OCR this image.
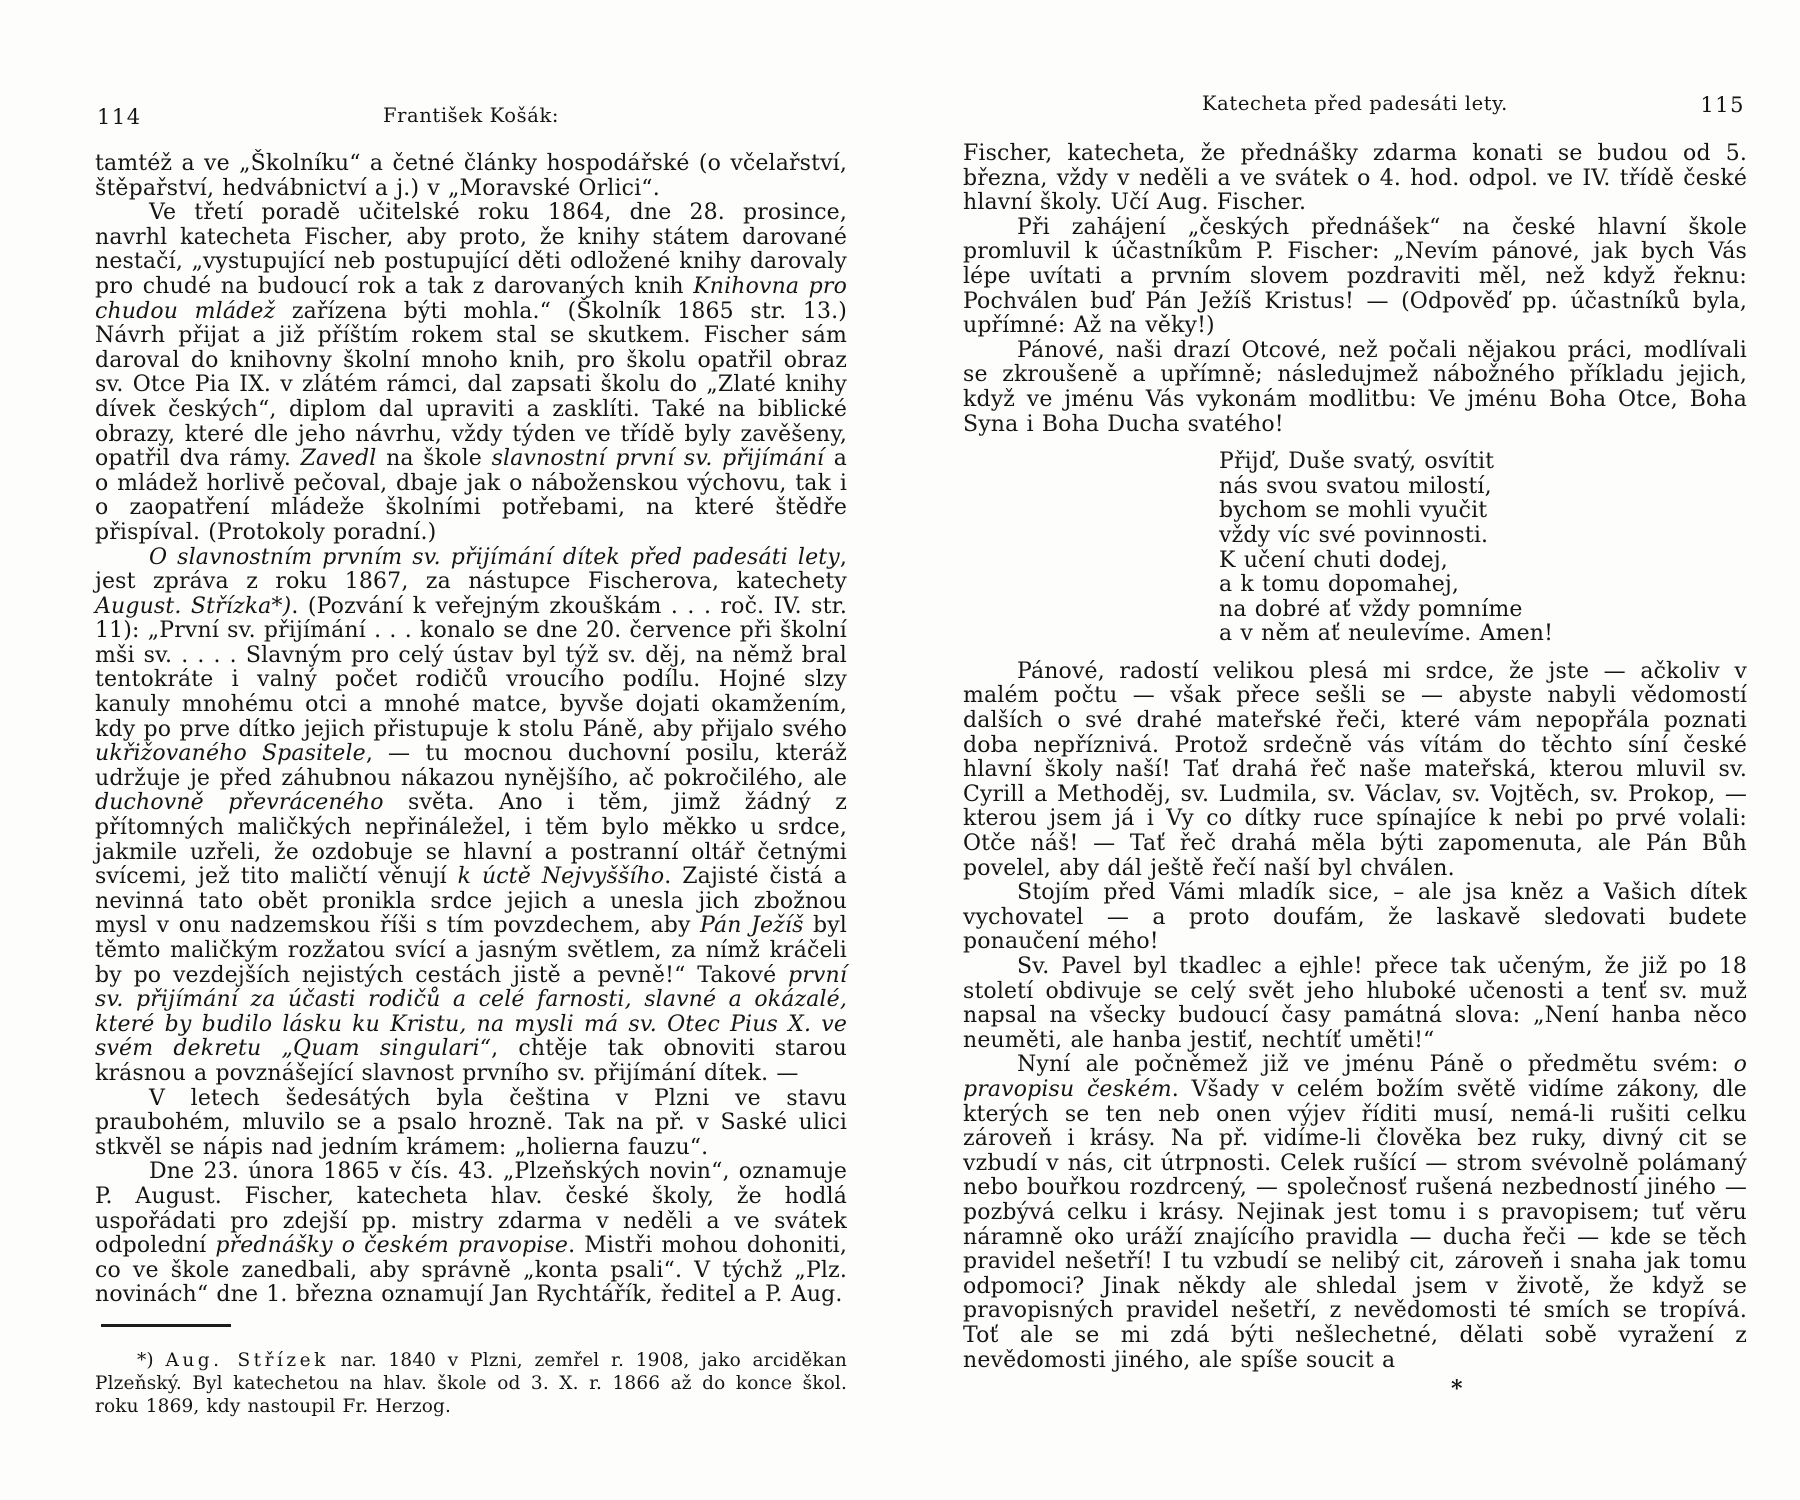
114	František Košák:

tamtéž a ve „Školníku“ a četné články hospodářské (o včelařství, štěpařství, hedvábnictví a j.) v „Moravské Orlici“.

Ve třetí poradě učitelské roku 1864, dne 28. prosince, navrhl katecheta Fischer, aby proto, že knihy státem darované nestačí, „vystupující neb postupující děti odložené knihy darovaly pro chudé na budoucí rok a tak z darovaných knih Knihovna pro chudou mládež zařízena býti mohla.“ (Školník 1865 str. 13.) Návrh přijat a již příštím rokem stal se skutkem. Fischer sám daroval do knihovny školní mnoho knih, pro školu opatřil obraz sv. Otce Pia IX. v zlátém rámci, dal zapsati školu do „Zlaté knihy dívek českých“, diplom dal upraviti a zasklíti. Také na biblické obrazy, které dle jeho návrhu, vždy týden ve třídě byly zavěšeny, opatřil dva rámy. Zavedl na škole slavnostní první sv. přijímání a o mládež horlivě pečoval, dbaje jak o náboženskou výchovu, tak i o zaopatření mládeže školními potřebami, na které štědře přispíval. (Protokoly poradní.)

O slavnostním prvním sv. přijímání dítek před padesáti lety, jest zpráva z roku 1867, za nástupce Fischerova, katechety August. Střízka*). (Pozvání k veřejným zkouškám . . . roč. IV. str. 11): „První sv. přijímání . . . konalo se dne 20. července při školní mši sv. . . . . Slavným pro celý ústav byl týž sv. děj, na němž bral tentokráte i valný počet rodičů vroucího podílu. Hojné slzy kanuly mnohému otci a mnohé matce, byvše dojati okamžením, kdy po prve dítko jejich přistupuje k stolu Páně, aby přijalo svého ukřižovaného Spasitele, — tu mocnou duchovní posilu, kteráž udržuje je před záhubnou nákazou nynějšího, ač pokročilého, ale duchovně převráceného světa. Ano i těm, jimž žádný z přítomných maličkých nepřináležel, i těm bylo měkko u srdce, jakmile uzřeli, že ozdobuje se hlavní a postranní oltář četnými svícemi, jež tito maličtí věnují k úctě Nejvyššího. Zajisté čistá a nevinná tato obět pronikla srdce jejich a unesla jich zbožnou mysl v onu nadzemskou říši s tím povzdechem, aby Pán Ježíš byl těmto maličkým rozžatou svící a jasným světlem, za nímž kráčeli by po vezdejších nejistých cestách jistě a pevně!“ Takové první sv. přijímání za účasti rodičů a celé farnosti, slavné a okázalé, které by budilo lásku ku Kristu, na mysli má sv. Otec Pius X. ve svém dekretu „Quam singulari“, chtěje tak obnoviti starou krásnou a povznášející slavnost prvního sv. přijímání dítek. —

V letech šedesátých byla čeština v Plzni ve stavu praubohém, mluvilo se a psalo hrozně. Tak na př. v Saské ulici stkvěl se nápis nad jedním krámem: „holierna fauzu“.

Dne 23. února 1865 v čís. 43. „Plzeňských novin“, oznamuje P. August. Fischer, katecheta hlav. české školy, že hodlá uspořádati pro zdejší pp. mistry zdarma v neděli a ve svátek odpolední přednášky o českém pravopise. Mistři mohou dohoniti, co ve škole zanedbali, aby správně „konta psali“. V týchž „Plz. novinách“ dne 1. března oznamují Jan Rychtářík, ředitel a P. Aug.

*) Aug. Střízek nar. 1840 v Plzni, zemřel r. 1908, jako arciděkan Plzeňský. Byl katechetou na hlav. škole od 3. X. r. 1866 až do konce škol. roku 1869, kdy nastoupil Fr. Herzog.

Katecheta před padesáti lety.	115

Fischer, katecheta, že přednášky zdarma konati se budou od 5. března, vždy v neděli a ve svátek o 4. hod. odpol. ve IV. třídě české hlavní školy. Učí Aug. Fischer.

Při zahájení „českých přednášek“ na české hlavní škole promluvil k účastníkům P. Fischer: „Nevím pánové, jak bych Vás lépe uvítati a prvním slovem pozdraviti měl, než když řeknu: Pochválen buď Pán Ježíš Kristus! — (Odpověď pp. účastníků byla, upřímné: Až na věky!)

Pánové, naši drazí Otcové, než počali nějakou práci, modlívali se zkroušeně a upřímně; následujmež nábožného příkladu jejich, když ve jménu Vás vykonám modlitbu: Ve jménu Boha Otce, Boha Syna i Boha Ducha svatého!

Přijď, Duše svatý, osvítit
nás svou svatou milostí,
bychom se mohli vyučit
vždy víc své povinnosti.
K učení chuti dodej,
a k tomu dopomahej,
na dobré ať vždy pomníme
a v něm ať neulevíme. Amen!

Pánové, radostí velikou plesá mi srdce, že jste — ačkoliv v malém počtu — však přece sešli se — abyste nabyli vědomostí dalších o své drahé mateřské řeči, které vám nepopřála poznati doba nepříznivá. Protož srdečně vás vítám do těchto síní české hlavní školy naší! Tať drahá řeč naše mateřská, kterou mluvil sv. Cyrill a Methoděj, sv. Ludmila, sv. Václav, sv. Vojtěch, sv. Prokop, — kterou jsem já i Vy co dítky ruce spínajíce k nebi po prvé volali: Otče náš! — Tať řeč drahá měla býti zapomenuta, ale Pán Bůh povelel, aby dál ještě řečí naší byl chválen.

Stojím před Vámi mladík sice, – ale jsa kněz a Vašich dítek vychovatel — a proto doufám, že laskavě sledovati budete ponaučení mého!

Sv. Pavel byl tkadlec a ejhle! přece tak učeným, že již po 18 století obdivuje se celý svět jeho hluboké učenosti a tenť sv. muž napsal na všecky budoucí časy památná slova: „Není hanba něco neuměti, ale hanba jestiť, nechtíť uměti!“

Nyní ale počněmež již ve jménu Páně o předmětu svém: o pravopisu českém. Všady v celém božím světě vidíme zákony, dle kterých se ten neb onen výjev říditi musí, nemá-li rušiti celku zároveň i krásy. Na př. vidíme-li člověka bez ruky, divný cit se vzbudí v nás, cit útrpnosti. Celek rušící — strom svévolně polámaný nebo bouřkou rozdrcený, — společnosť rušená nezbedností jiného — pozbývá celku i krásy. Nejinak jest tomu i s pravopisem; tuť věru náramně oko uráží znajícího pravidla — ducha řeči — kde se těch pravidel nešetří! I tu vzbudí se nelibý cit, zároveň i snaha jak tomu odpomoci? Jinak někdy ale shledal jsem v životě, že když se pravopisných pravidel nešetří, z nevědomosti té smích se tropívá. Toť ale se mi zdá býti nešlechetné, dělati sobě vyražení z nevědomosti jiného, ale spíše soucit a

*
